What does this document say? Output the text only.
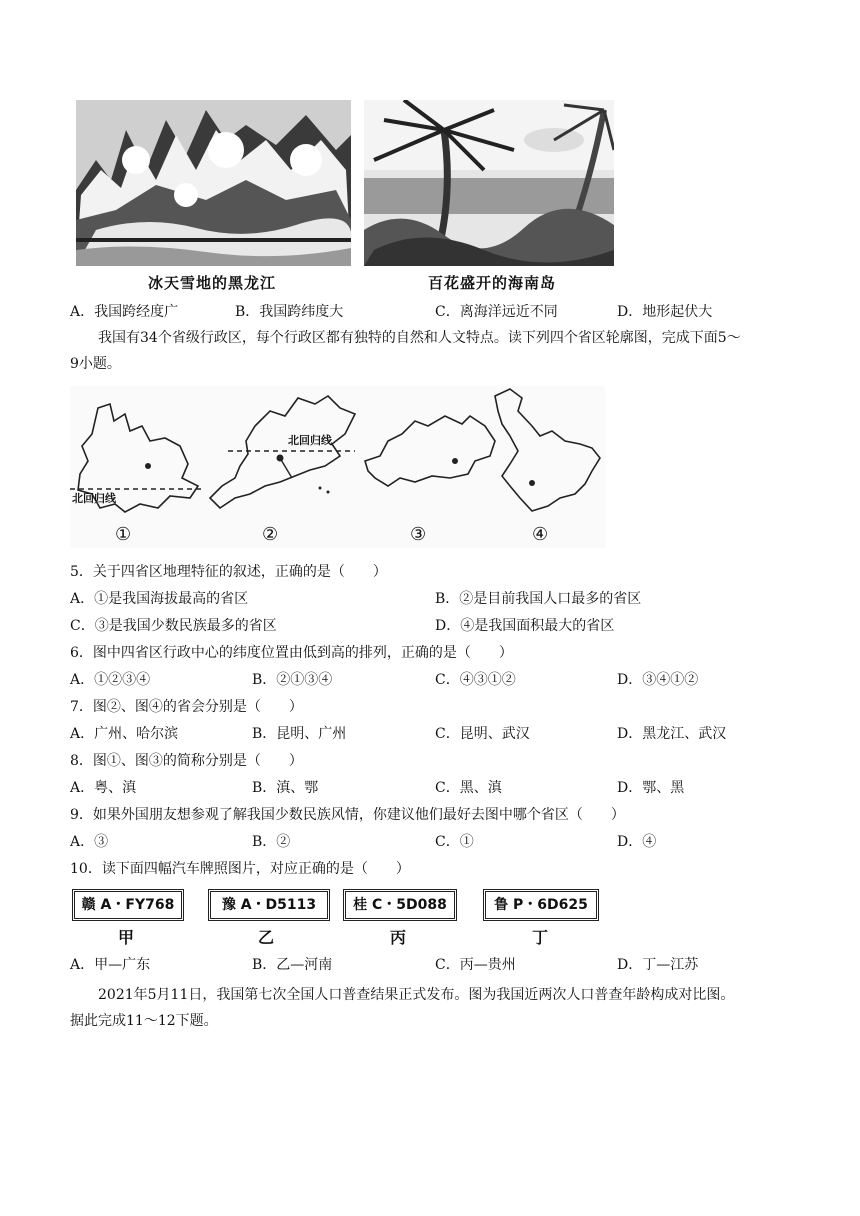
冰天雪地的黑龙江	百花盛开的海南岛
A．我国跨经度广	B．我国跨纬度大	C．离海洋远近不同	D．地形起伏大
我国有34个省级行政区，每个行政区都有独特的自然和人文特点。读下列四个省区轮廓图，完成下面5～
9小题。
北回归线
北回归线
①	②	③	④
5．关于四省区地理特征的叙述，正确的是（　　）
A．①是我国海拔最高的省区	B．②是目前我国人口最多的省区
C．③是我国少数民族最多的省区	D．④是我国面积最大的省区
6．图中四省区行政中心的纬度位置由低到高的排列，正确的是（　　）
A．①②③④	B．②①③④	C．④③①②	D．③④①②
7．图②、图④的省会分别是（　　）
A．广州、哈尔滨	B．昆明、广州	C．昆明、武汉	D．黑龙江、武汉
8．图①、图③的简称分别是（　　）
A．粤、滇	B．滇、鄂	C．黑、滇	D．鄂、黑
9．如果外国朋友想参观了解我国少数民族风情，你建议他们最好去图中哪个省区（　　）
A．③	B．②	C．①	D．④
10．读下面四幅汽车牌照图片，对应正确的是（　　）
赣 A・FY768	豫 A・D5113	桂 C・5D088	鲁 P・6D625
甲	乙	丙	丁
A．甲—广东	B．乙—河南	C．丙—贵州	D．丁—江苏
2021年5月11日，我国第七次全国人口普查结果正式发布。图为我国近两次人口普查年龄构成对比图。
据此完成11～12下题。
